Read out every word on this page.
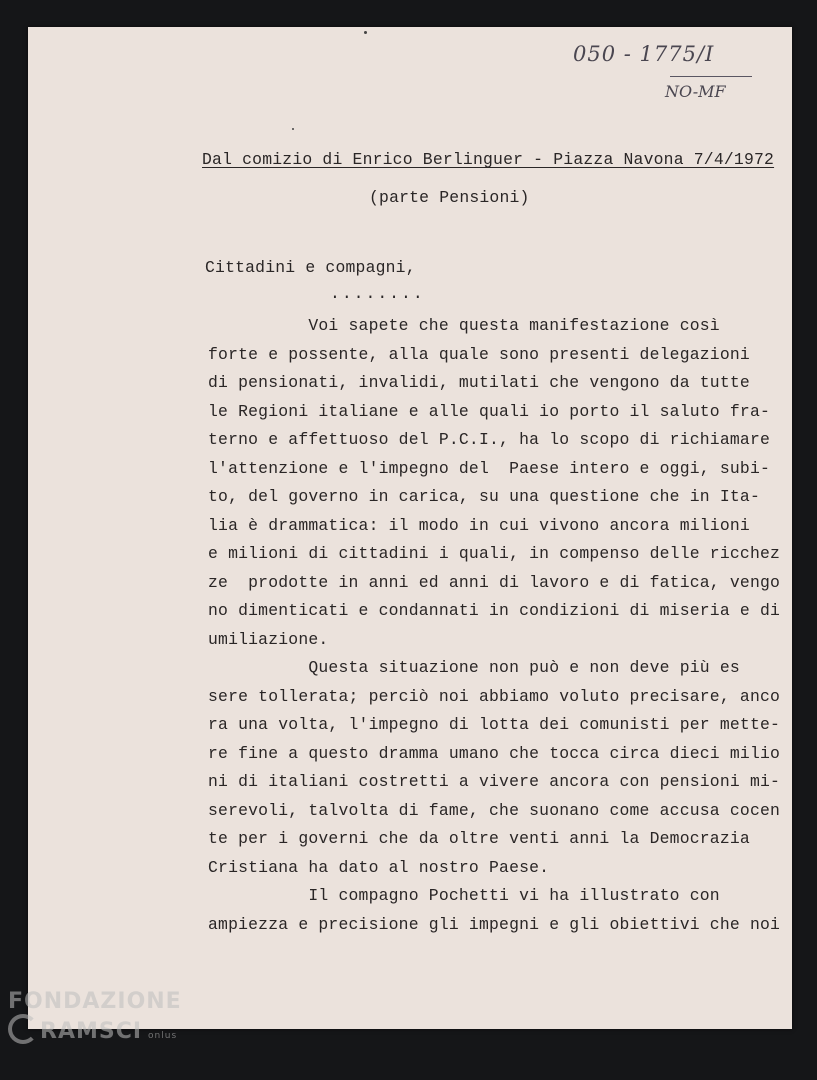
050 - 1775/I
NO-MF
Dal comizio di Enrico Berlinguer - Piazza Navona 7/4/1972
(parte Pensioni)
Cittadini e compagni,
........
Voi sapete che questa manifestazione così
forte e possente, alla quale sono presenti delegazioni
di pensionati, invalidi, mutilati che vengono da tutte
le Regioni italiane e alle quali io porto il saluto fra-
terno e affettuoso del P.C.I., ha lo scopo di richiamare
l'attenzione e l'impegno del  Paese intero e oggi, subi-
to, del governo in carica, su una questione che in Ita-
lia è drammatica: il modo in cui vivono ancora milioni
e milioni di cittadini i quali, in compenso delle ricchez
ze  prodotte in anni ed anni di lavoro e di fatica, vengo
no dimenticati e condannati in condizioni di miseria e di
umiliazione.
Questa situazione non può e non deve più es
sere tollerata; perciò noi abbiamo voluto precisare, anco
ra una volta, l'impegno di lotta dei comunisti per mette-
re fine a questo dramma umano che tocca circa dieci milio
ni di italiani costretti a vivere ancora con pensioni mi-
serevoli, talvolta di fame, che suonano come accusa cocen
te per i governi che da oltre venti anni la Democrazia
Cristiana ha dato al nostro Paese.
Il compagno Pochetti vi ha illustrato con
ampiezza e precisione gli impegni e gli obiettivi che noi
FONDAZIONE
RAMSCI onlus
